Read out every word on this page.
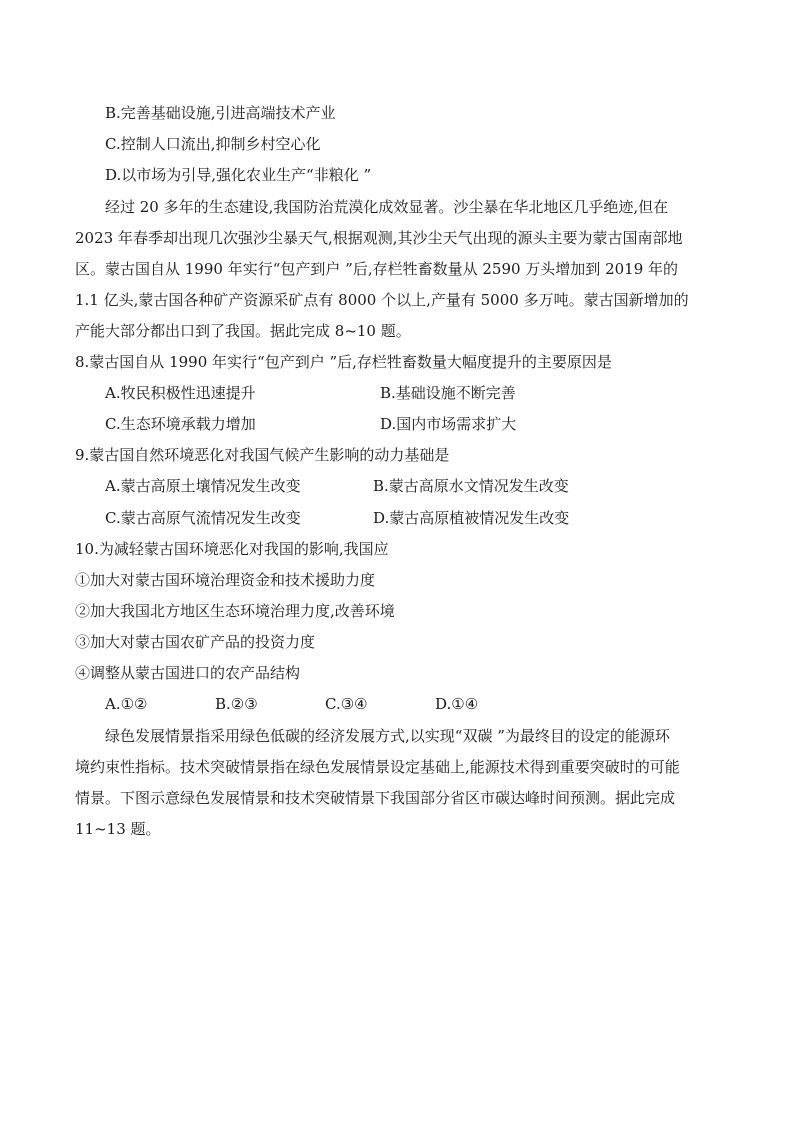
B.完善基础设施,引进高端技术产业
C.控制人口流出,抑制乡村空心化
D.以市场为引导,强化农业生产“非粮化 ”
经过 20 多年的生态建设,我国防治荒漠化成效显著。沙尘暴在华北地区几乎绝迹,但在
2023 年春季却出现几次强沙尘暴天气,根据观测,其沙尘天气出现的源头主要为蒙古国南部地
区。蒙古国自从 1990 年实行“包产到户 ”后,存栏牲畜数量从 2590 万头增加到 2019 年的
1.1 亿头,蒙古国各种矿产资源采矿点有 8000 个以上,产量有 5000 多万吨。蒙古国新增加的
产能大部分都出口到了我国。据此完成 8~10 题。
8.蒙古国自从 1990 年实行“包产到户 ”后,存栏牲畜数量大幅度提升的主要原因是
A.牧民积极性迅速提升	B.基础设施不断完善
C.生态环境承载力增加	D.国内市场需求扩大
9.蒙古国自然环境恶化对我国气候产生影响的动力基础是
A.蒙古高原土壤情况发生改变	B.蒙古高原水文情况发生改变
C.蒙古高原气流情况发生改变	D.蒙古高原植被情况发生改变
10.为减轻蒙古国环境恶化对我国的影响,我国应
①加大对蒙古国环境治理资金和技术援助力度
②加大我国北方地区生态环境治理力度,改善环境
③加大对蒙古国农矿产品的投资力度
④调整从蒙古国进口的农产品结构
A.①②	B.②③	C.③④	D.①④
绿色发展情景指采用绿色低碳的经济发展方式,以实现“双碳 ”为最终目的设定的能源环
境约束性指标。技术突破情景指在绿色发展情景设定基础上,能源技术得到重要突破时的可能
情景。下图示意绿色发展情景和技术突破情景下我国部分省区市碳达峰时间预测。据此完成
11~13 题。
